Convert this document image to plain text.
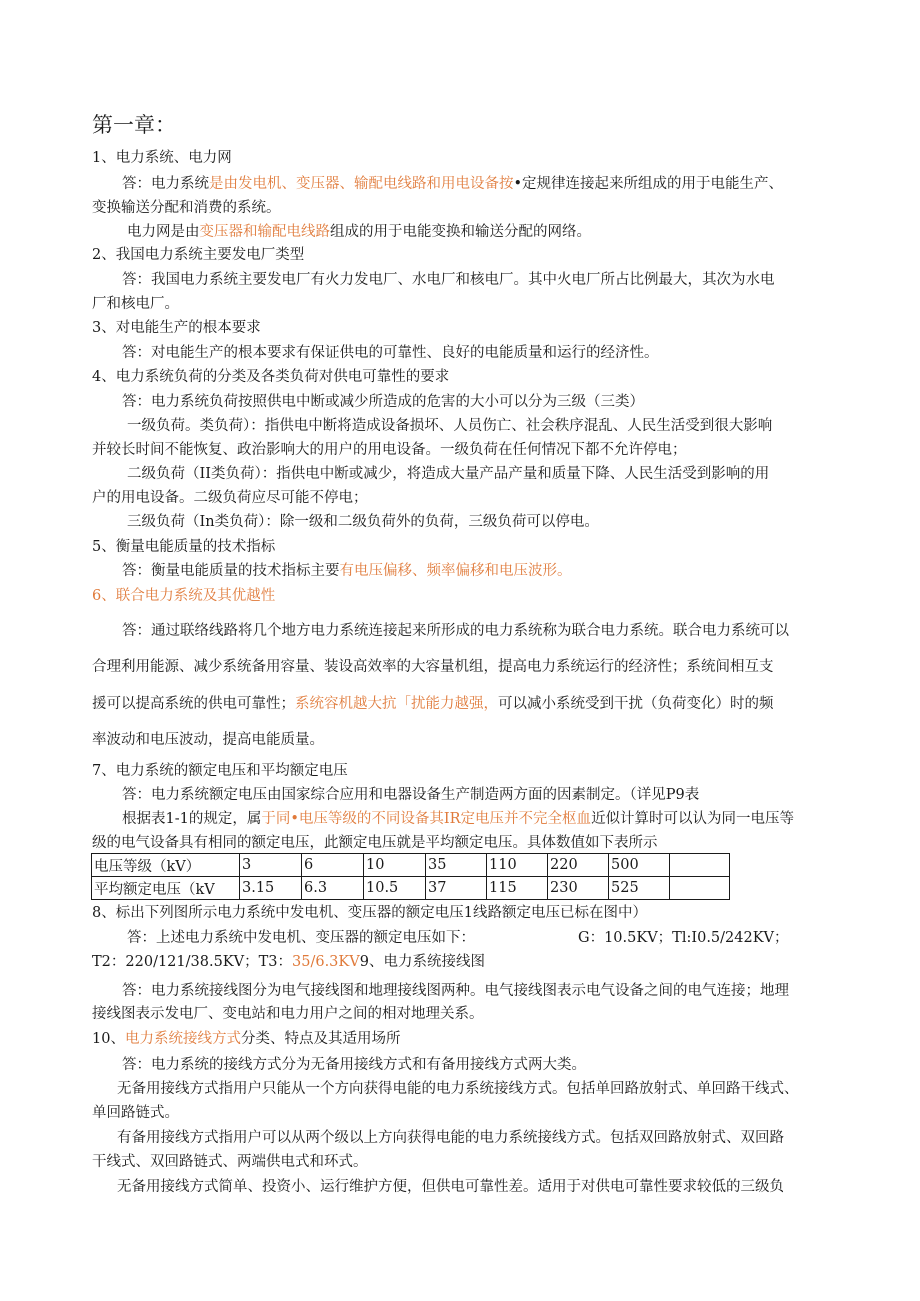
第一章：
1、电力系统、电力网
答：电力系统是由发电机、变压器、输配电线路和用电设备按•定规律连接起来所组成的用于电能生产、
变换输送分配和消费的系统。
电力网是由变压器和输配电线路组成的用于电能变换和输送分配的网络。
2、我国电力系统主要发电厂类型
答：我国电力系统主要发电厂有火力发电厂、水电厂和核电厂。其中火电厂所占比例最大，其次为水电
厂和核电厂。
3、对电能生产的根本要求
答：对电能生产的根本要求有保证供电的可靠性、良好的电能质量和运行的经济性。
4、电力系统负荷的分类及各类负荷对供电可靠性的要求
答：电力系统负荷按照供电中断或减少所造成的危害的大小可以分为三级（三类）
一级负荷。类负荷）：指供电中断将造成设备损坏、人员伤亡、社会秩序混乱、人民生活受到很大影响
并较长时间不能恢复、政治影响大的用户的用电设备。一级负荷在任何情况下都不允许停电；
二级负荷（II类负荷）：指供电中断或减少，将造成大量产品产量和质量下降、人民生活受到影响的用
户的用电设备。二级负荷应尽可能不停电；
三级负荷（In类负荷）：除一级和二级负荷外的负荷，三级负荷可以停电。
5、衡量电能质量的技术指标
答：衡量电能质量的技术指标主要有电压偏移、频率偏移和电压波形。
6、联合电力系统及其优越性
答：通过联络线路将几个地方电力系统连接起来所形成的电力系统称为联合电力系统。联合电力系统可以
合理利用能源、减少系统备用容量、装设高效率的大容量机组，提高电力系统运行的经济性；系统间相互支
援可以提高系统的供电可靠性；系统容机越大抗「扰能力越强，可以减小系统受到干扰（负荷变化）时的频
率波动和电压波动，提高电能质量。
7、电力系统的额定电压和平均额定电压
答：电力系统额定电压由国家综合应用和电器设备生产制造两方面的因素制定。（详见P9表
根据表1-1的规定，属于同•电压等级的不同设备其IR定电压并不完全枢血近似计算时可以认为同一电压等
级的电气设备具有相同的额定电压，此额定电压就是平均额定电压。具体数值如下表所示
电压等级（kV）	3	6	10	35	110	220	500	
平均额定电压（kV	3.15	6.3	10.5	37	115	230	525	
8、标出下列图所示电力系统中发电机、变压器的额定电压1线路额定电压已标在图中）
答：上述电力系统中发电机、变压器的额定电压如下：	G：10.5KV；Tl:I0.5/242KV；
T2：220/121/38.5KV；T3：35/6.3KV9、电力系统接线图
答：电力系统接线图分为电气接线图和地理接线图两种。电气接线图表示电气设备之间的电气连接；地理
接线图表示发电厂、变电站和电力用户之间的相对地理关系。
10、电力系统接线方式分类、特点及其适用场所
答：电力系统的接线方式分为无备用接线方式和有备用接线方式两大类。
无备用接线方式指用户只能从一个方向获得电能的电力系统接线方式。包括单回路放射式、单回路干线式、
单回路链式。
有备用接线方式指用户可以从两个级以上方向获得电能的电力系统接线方式。包括双回路放射式、双回路
干线式、双回路链式、两端供电式和环式。
无备用接线方式简单、投资小、运行维护方便，但供电可靠性差。适用于对供电可靠性要求较低的三级负
